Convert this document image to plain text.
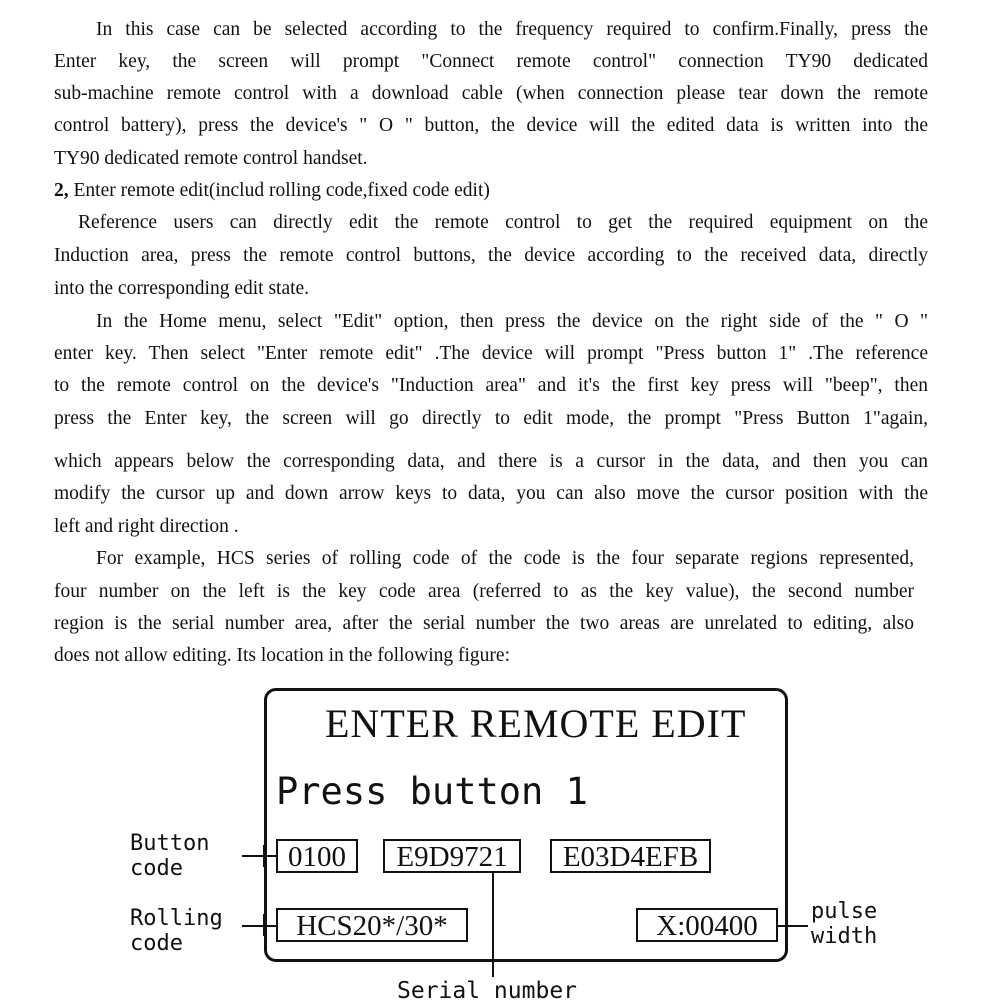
In this case can be selected according to the frequency required to confirm.Finally, press the
Enter key, the screen will prompt "Connect remote control" connection TY90 dedicated
sub-machine remote control with a download cable (when connection please tear down the remote
control battery), press the device's " O " button, the device will the edited data is written into the
TY90 dedicated remote control handset.
2, Enter remote edit(includ rolling code,fixed code edit)
Reference users can directly edit the remote control to get the required equipment on the
Induction area, press the remote control buttons, the device according to the received data, directly
into the corresponding edit state.
In the Home menu, select "Edit" option, then press the device on the right side of the " O "
enter key. Then select "Enter remote edit" .The device will prompt "Press button 1" .The reference
to the remote control on the device's "Induction area" and it's the first key press will "beep", then
press the Enter key, the screen will go directly to edit mode, the prompt "Press Button 1"again,
which appears below the corresponding data, and there is a cursor in the data, and then you can
modify the cursor up and down arrow keys to data, you can also move the cursor position with the
left and right direction .
For example, HCS series of rolling code of the code is the four separate regions represented,
four number on the left is the key code area (referred to as the key value), the second number
region is the serial number area, after the serial number the two areas are unrelated to editing, also
does not allow editing. Its location in the following figure:
ENTER REMOTE EDIT
Press button 1
0100	E9D9721	E03D4EFB
HCS20*/30*	X:00400
Button
code
Rolling
code
pulse
width
Serial number
